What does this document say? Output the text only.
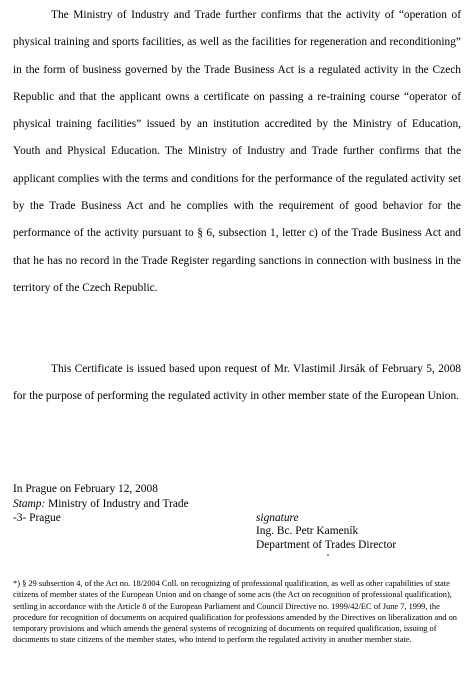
The Ministry of Industry and Trade further confirms that the activity of “operation of physical training and sports facilities, as well as the facilities for regeneration and reconditioning” in the form of business governed by the Trade Business Act is a regulated activity in the Czech Republic and that the applicant owns a certificate on passing a re-training course “operator of physical training facilities” issued by an institution accredited by the Ministry of Education, Youth and Physical Education. The Ministry of Industry and Trade further confirms that the applicant complies with the terms and conditions for the performance of the regulated activity set by the Trade Business Act and he complies with the requirement of good behavior for the performance of the activity pursuant to § 6, subsection 1, letter c) of the Trade Business Act and that he has no record in the Trade Register regarding sanctions in connection with business in the territory of the Czech Republic.

This Certificate is issued based upon request of Mr. Vlastimil Jirsák of February 5, 2008 for the purpose of performing the regulated activity in other member state of the European Union.

In Prague on February 12, 2008
Stamp: Ministry of Industry and Trade
-3- Prague	signature
Ing. Bc. Petr Kameník
Department of Trades Director

*) § 29 subsection 4, of the Act no. 18/2004 Coll. on recognizing of professional qualification, as well as other capabilities of state citizens of member states of the European Union and on change of some acts (the Act on recognition of professional qualification), settling in accordance with the Article 8 of the European Parliament and Council Directive no. 1999/42/EC of June 7, 1999, the procedure for recognition of documents on acquired qualification for professions amended by the Directives on liberalization and on temporary provisions and which amends the general systems of recognizing of documents on required qualification, issuing of documents to state citizens of the member states, who intend to perform the regulated activity in another member state.
